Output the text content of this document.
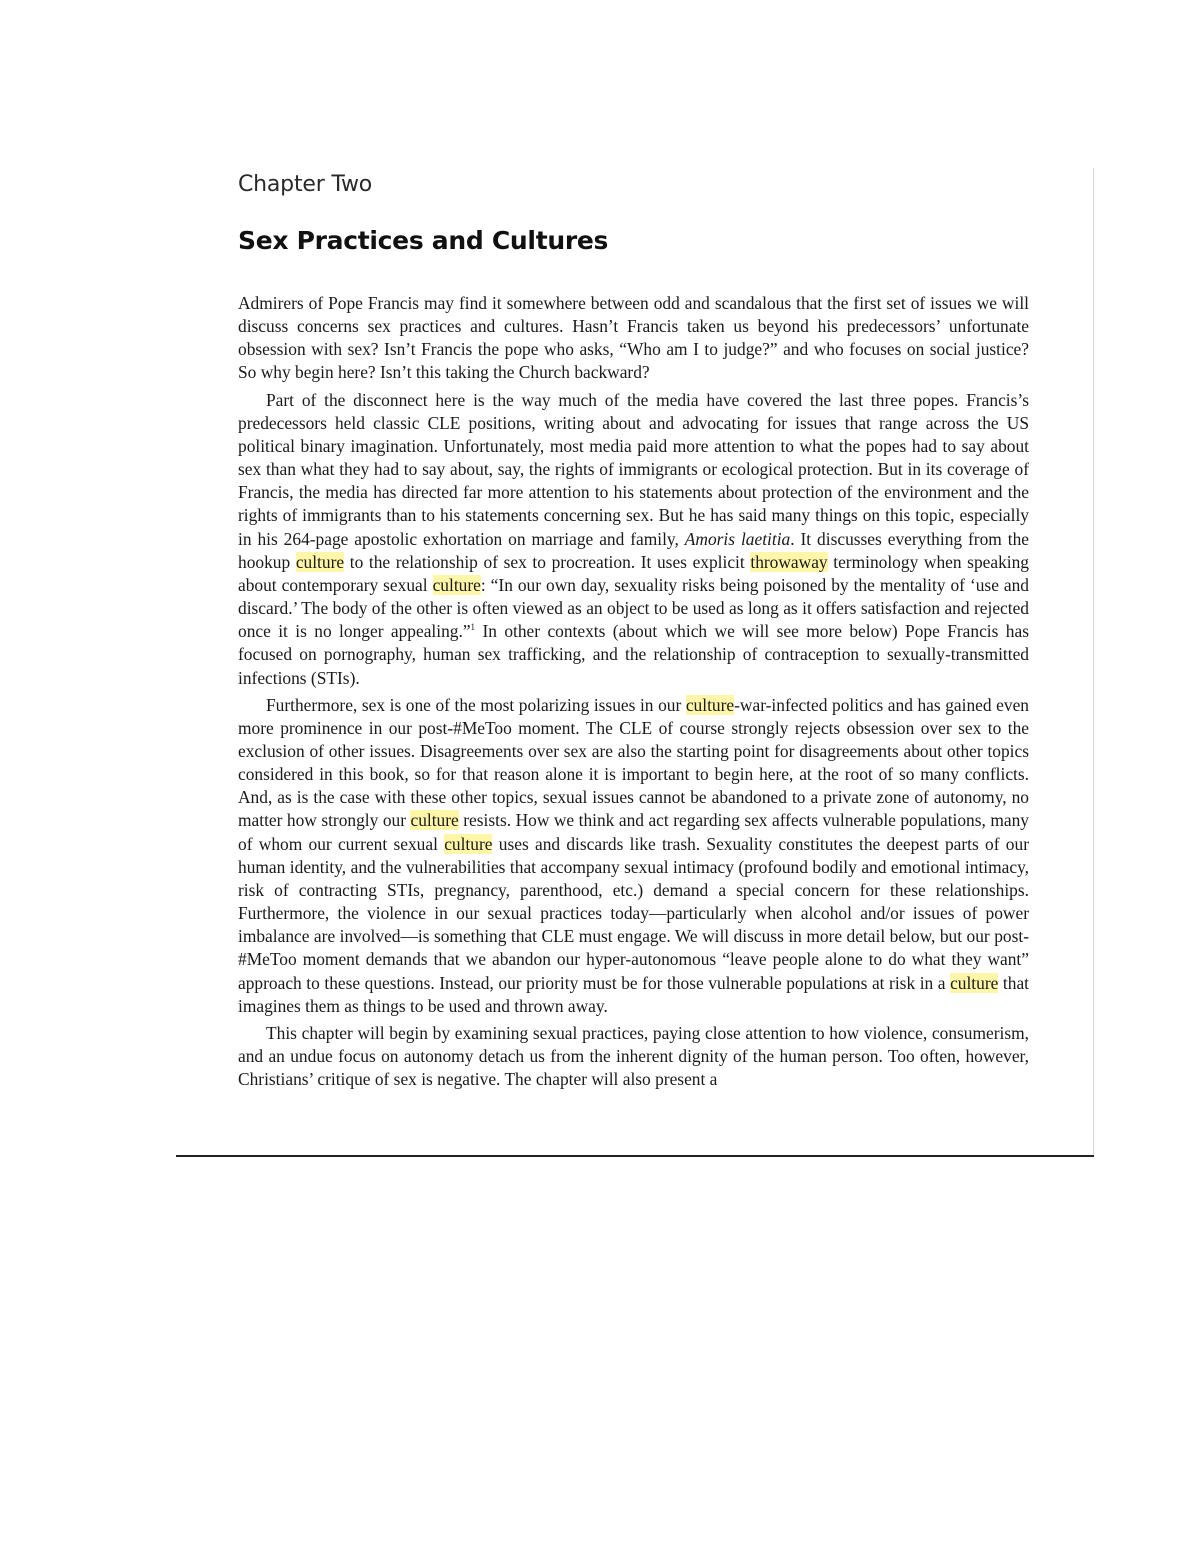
Chapter Two
Sex Practices and Cultures

Admirers of Pope Francis may find it somewhere between odd and scandalous that the first set of issues we will discuss concerns sex practices and cultures. Hasn’t Francis taken us beyond his predecessors’ unfortunate obsession with sex? Isn’t Francis the pope who asks, “Who am I to judge?” and who focuses on social justice? So why begin here? Isn’t this taking the Church backward?

Part of the disconnect here is the way much of the media have covered the last three popes. Francis’s predecessors held classic CLE positions, writing about and advocating for issues that range across the US political binary imagination. Unfortunately, most media paid more attention to what the popes had to say about sex than what they had to say about, say, the rights of immigrants or ecological protection. But in its coverage of Francis, the media has directed far more attention to his statements about protection of the environment and the rights of immigrants than to his statements concerning sex. But he has said many things on this topic, especially in his 264-page apostolic exhortation on marriage and family, Amoris laetitia. It discusses everything from the hookup culture to the relationship of sex to procreation. It uses explicit throwaway terminology when speaking about contemporary sexual culture: “In our own day, sexuality risks being poisoned by the mentality of ‘use and discard.’ The body of the other is often viewed as an object to be used as long as it offers satisfaction and rejected once it is no longer appealing.”$^1$ In other contexts (about which we will see more below) Pope Francis has focused on pornography, human sex trafficking, and the relationship of contraception to sexually-transmitted infections (STIs).

Furthermore, sex is one of the most polarizing issues in our culture-war-infected politics and has gained even more prominence in our post-#MeToo moment. The CLE of course strongly rejects obsession over sex to the exclusion of other issues. Disagreements over sex are also the starting point for disagreements about other topics considered in this book, so for that reason alone it is important to begin here, at the root of so many conflicts. And, as is the case with these other topics, sexual issues cannot be abandoned to a private zone of autonomy, no matter how strongly our culture resists. How we think and act regarding sex affects vulnerable populations, many of whom our current sexual culture uses and discards like trash. Sexuality constitutes the deepest parts of our human identity, and the vulnerabilities that accompany sexual intimacy (profound bodily and emotional intimacy, risk of contracting STIs, pregnancy, parenthood, etc.) demand a special concern for these relationships. Furthermore, the violence in our sexual practices today—particularly when alcohol and/or issues of power imbalance are involved—is something that CLE must engage. We will discuss in more detail below, but our post-#MeToo moment demands that we abandon our hyper-autonomous “leave people alone to do what they want” approach to these questions. Instead, our priority must be for those vulnerable populations at risk in a culture that imagines them as things to be used and thrown away.

This chapter will begin by examining sexual practices, paying close attention to how violence, consumerism, and an undue focus on autonomy detach us from the inherent dignity of the human person. Too often, however, Christians’ critique of sex is negative. The chapter will also present a
